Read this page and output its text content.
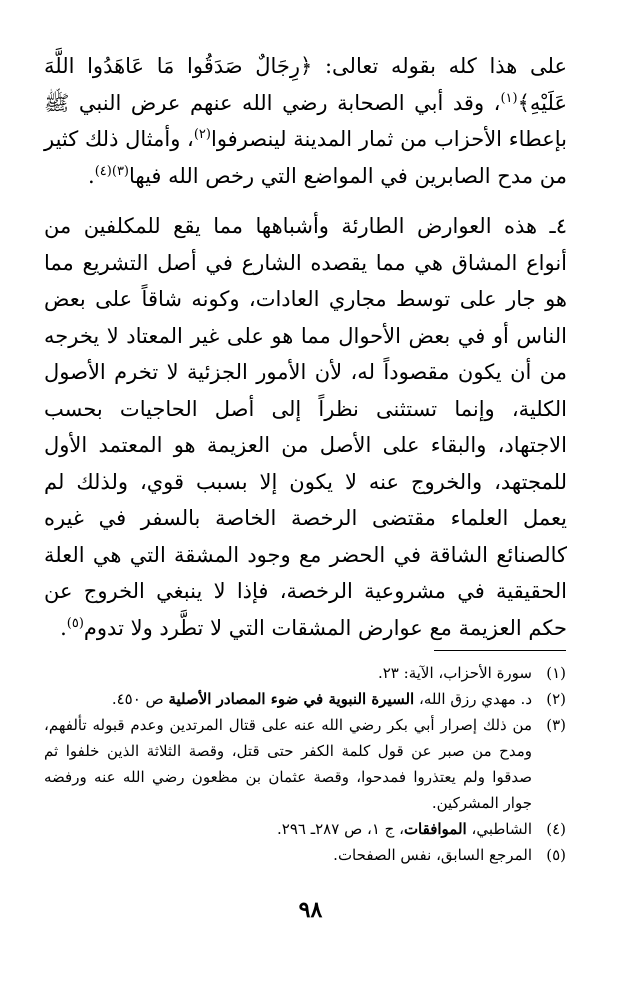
على هذا كله بقوله تعالى: ﴿رِجَالٌ صَدَقُوا مَا عَاهَدُوا اللَّهَ عَلَيْهِ﴾$^{(١)}$، وقد أبي الصحابة رضي الله عنهم عرض النبي ﷺ بإعطاء الأحزاب من ثمار المدينة لينصرفوا$^{(٢)}$، وأمثال ذلك كثير من مدح الصابرين في المواضع التي رخص الله فيها$^{(٣)(٤)}$.

٤ـ هذه العوارض الطارئة وأشباهها مما يقع للمكلفين من أنواع المشاق هي مما يقصده الشارع في أصل التشريع مما هو جار على توسط مجاري العادات، وكونه شاقاً على بعض الناس أو في بعض الأحوال مما هو على غير المعتاد لا يخرجه من أن يكون مقصوداً له، لأن الأمور الجزئية لا تخرم الأصول الكلية، وإنما تستثنى نظراً إلى أصل الحاجيات بحسب الاجتهاد، والبقاء على الأصل من العزيمة هو المعتمد الأول للمجتهد، والخروج عنه لا يكون إلا بسبب قوي، ولذلك لم يعمل العلماء مقتضى الرخصة الخاصة بالسفر في غيره كالصنائع الشاقة في الحضر مع وجود المشقة التي هي العلة الحقيقية في مشروعية الرخصة، فإذا لا ينبغي الخروج عن حكم العزيمة مع عوارض المشقات التي لا تطَّرد ولا تدوم$^{(٥)}$.

(١)
سورة الأحزاب، الآية: ٢٣.
(٢)
د. مهدي رزق الله، السيرة النبوية في ضوء المصادر الأصلية ص ٤٥٠.
(٣)
من ذلك إصرار أبي بكر رضي الله عنه على قتال المرتدين وعدم قبوله تألفهم، ومدح من صبر عن قول كلمة الكفر حتى قتل، وقصة الثلاثة الذين خلفوا ثم صدقوا ولم يعتذروا فمدحوا، وقصة عثمان بن مظعون رضي الله عنه ورفضه جوار المشركين.
(٤)
الشاطبي، الموافقات، ج ١، ص ٢٨٧ـ ٢٩٦.
(٥)
المرجع السابق، نفس الصفحات.
٩٨
